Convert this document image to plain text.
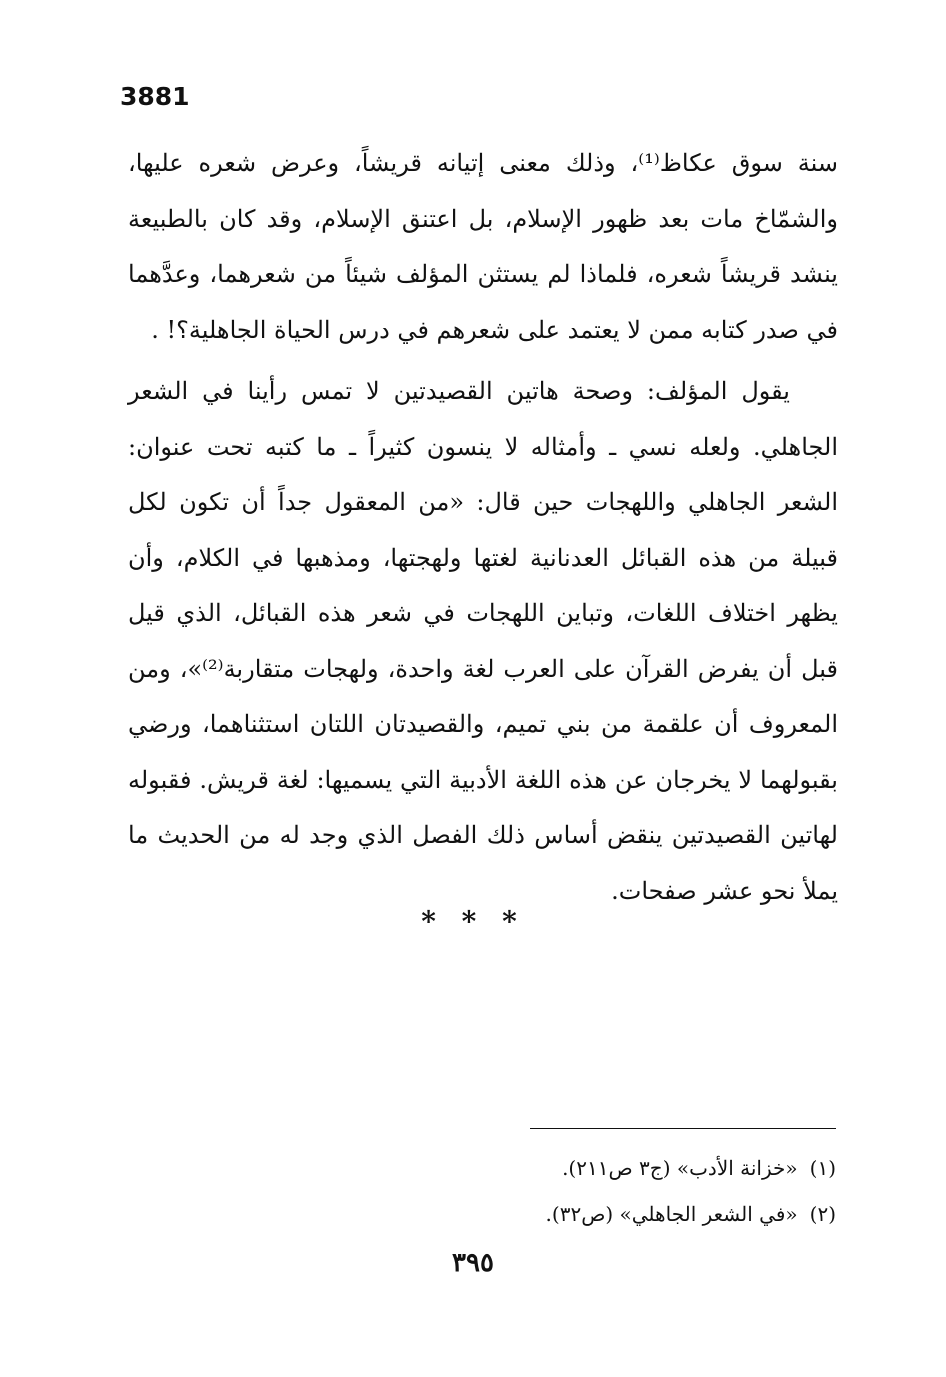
3881

سنة سوق عكاظ⁽¹⁾، وذلك معنى إتيانه قريشاً، وعرض شعره عليها، والشمّاخ مات بعد ظهور الإسلام، بل اعتنق الإسلام، وقد كان بالطبيعة ينشد قريشاً شعره، فلماذا لم يستثن المؤلف شيئاً من شعرهما، وعدَّهما في صدر كتابه ممن لا يعتمد على شعرهم في درس الحياة الجاهلية؟! .

يقول المؤلف: وصحة هاتين القصيدتين لا تمس رأينا في الشعر الجاهلي. ولعله نسي ـ وأمثاله لا ينسون كثيراً ـ ما كتبه تحت عنوان: الشعر الجاهلي واللهجات حين قال: «من المعقول جداً أن تكون لكل قبيلة من هذه القبائل العدنانية لغتها ولهجتها، ومذهبها في الكلام، وأن يظهر اختلاف اللغات، وتباين اللهجات في شعر هذه القبائل، الذي قيل قبل أن يفرض القرآن على العرب لغة واحدة، ولهجات متقاربة⁽²⁾»، ومن المعروف أن علقمة من بني تميم، والقصيدتان اللتان استثناهما، ورضي بقبولهما لا يخرجان عن هذه اللغة الأدبية التي يسميها: لغة قريش. فقبوله لهاتين القصيدتين ينقض أساس ذلك الفصل الذي وجد له من الحديث ما يملأ نحو عشر صفحات.

* * *
(١)«خزانة الأدب» (ج٣ ص٢١١).
(٢)«في الشعر الجاهلي» (ص٣٢).
٣٩٥
